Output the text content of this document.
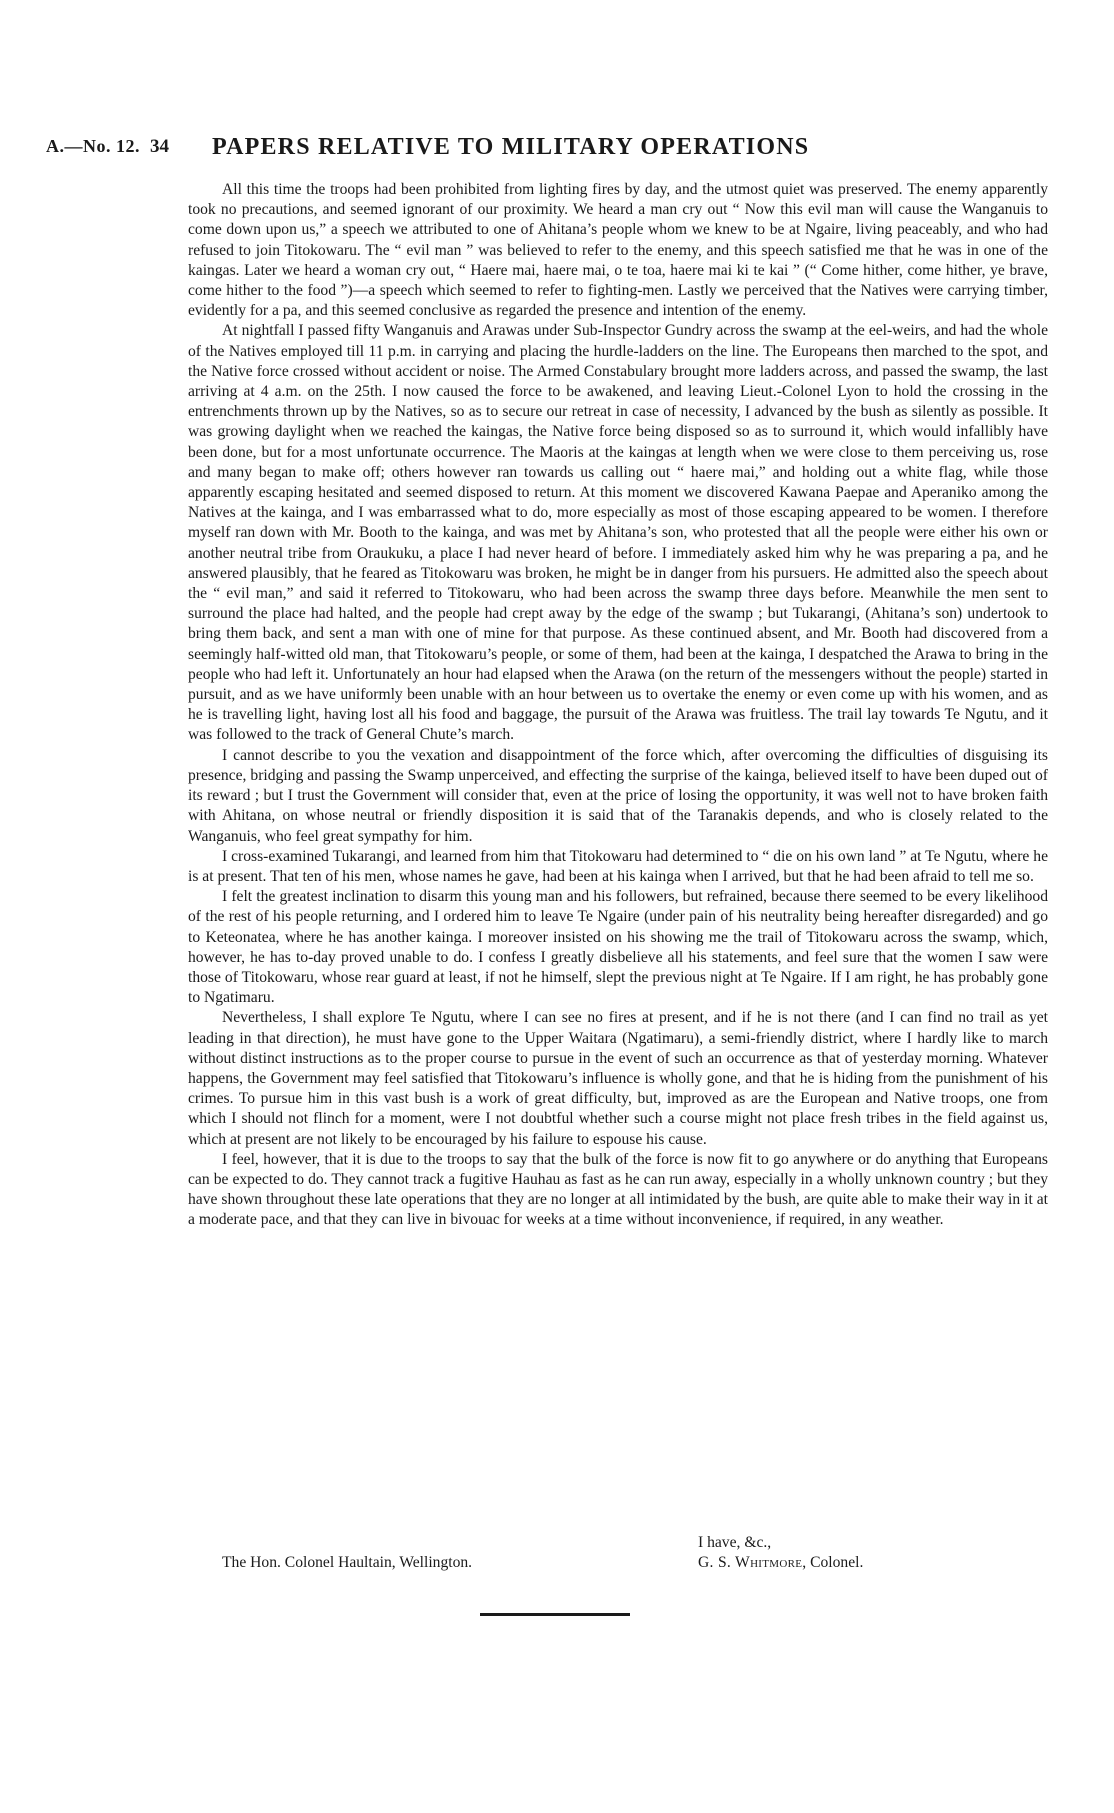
A.—No. 12. 34 PAPERS RELATIVE TO MILITARY OPERATIONS

All this time the troops had been prohibited from lighting fires by day, and the utmost quiet was preserved. The enemy apparently took no precautions, and seemed ignorant of our proximity. We heard a man cry out “ Now this evil man will cause the Wanganuis to come down upon us,” a speech we attributed to one of Ahitana’s people whom we knew to be at Ngaire, living peaceably, and who had refused to join Titokowaru. The “ evil man ” was believed to refer to the enemy, and this speech satisfied me that he was in one of the kaingas. Later we heard a woman cry out, “ Haere mai, haere mai, o te toa, haere mai ki te kai ” (“ Come hither, come hither, ye brave, come hither to the food ”)—a speech which seemed to refer to fighting-men. Lastly we perceived that the Natives were carrying timber, evidently for a pa, and this seemed conclusive as regarded the presence and intention of the enemy.

At nightfall I passed fifty Wanganuis and Arawas under Sub-Inspector Gundry across the swamp at the eel-weirs, and had the whole of the Natives employed till 11 p.m. in carrying and placing the hurdle-ladders on the line. The Europeans then marched to the spot, and the Native force crossed without accident or noise. The Armed Constabulary brought more ladders across, and passed the swamp, the last arriving at 4 a.m. on the 25th. I now caused the force to be awakened, and leaving Lieut.-Colonel Lyon to hold the crossing in the entrenchments thrown up by the Natives, so as to secure our retreat in case of necessity, I advanced by the bush as silently as possible. It was growing daylight when we reached the kaingas, the Native force being disposed so as to surround it, which would infallibly have been done, but for a most unfortunate occurrence. The Maoris at the kaingas at length when we were close to them perceiving us, rose and many began to make off; others however ran towards us calling out “ haere mai,” and holding out a white flag, while those apparently escaping hesitated and seemed disposed to return. At this moment we discovered Kawana Paepae and Aperaniko among the Natives at the kainga, and I was embarrassed what to do, more especially as most of those escaping appeared to be women. I therefore myself ran down with Mr. Booth to the kainga, and was met by Ahitana’s son, who protested that all the people were either his own or another neutral tribe from Oraukuku, a place I had never heard of before. I immediately asked him why he was preparing a pa, and he answered plausibly, that he feared as Titokowaru was broken, he might be in danger from his pursuers. He admitted also the speech about the “ evil man,” and said it referred to Titokowaru, who had been across the swamp three days before. Meanwhile the men sent to surround the place had halted, and the people had crept away by the edge of the swamp ; but Tukarangi, (Ahitana’s son) undertook to bring them back, and sent a man with one of mine for that purpose. As these continued absent, and Mr. Booth had discovered from a seemingly half-witted old man, that Titokowaru’s people, or some of them, had been at the kainga, I despatched the Arawa to bring in the people who had left it. Unfortunately an hour had elapsed when the Arawa (on the return of the messengers without the people) started in pursuit, and as we have uniformly been unable with an hour between us to overtake the enemy or even come up with his women, and as he is travelling light, having lost all his food and baggage, the pursuit of the Arawa was fruitless. The trail lay towards Te Ngutu, and it was followed to the track of General Chute’s march.

I cannot describe to you the vexation and disappointment of the force which, after overcoming the difficulties of disguising its presence, bridging and passing the Swamp unperceived, and effecting the surprise of the kainga, believed itself to have been duped out of its reward ; but I trust the Government will consider that, even at the price of losing the opportunity, it was well not to have broken faith with Ahitana, on whose neutral or friendly disposition it is said that of the Taranakis depends, and who is closely related to the Wanganuis, who feel great sympathy for him.

I cross-examined Tukarangi, and learned from him that Titokowaru had determined to “ die on his own land ” at Te Ngutu, where he is at present. That ten of his men, whose names he gave, had been at his kainga when I arrived, but that he had been afraid to tell me so.

I felt the greatest inclination to disarm this young man and his followers, but refrained, because there seemed to be every likelihood of the rest of his people returning, and I ordered him to leave Te Ngaire (under pain of his neutrality being hereafter disregarded) and go to Keteonatea, where he has another kainga. I moreover insisted on his showing me the trail of Titokowaru across the swamp, which, however, he has to-day proved unable to do. I confess I greatly disbelieve all his statements, and feel sure that the women I saw were those of Titokowaru, whose rear guard at least, if not he himself, slept the previous night at Te Ngaire. If I am right, he has probably gone to Ngatimaru.

Nevertheless, I shall explore Te Ngutu, where I can see no fires at present, and if he is not there (and I can find no trail as yet leading in that direction), he must have gone to the Upper Waitara (Ngatimaru), a semi-friendly district, where I hardly like to march without distinct instructions as to the proper course to pursue in the event of such an occurrence as that of yesterday morning. Whatever happens, the Government may feel satisfied that Titokowaru’s influence is wholly gone, and that he is hiding from the punishment of his crimes. To pursue him in this vast bush is a work of great difficulty, but, improved as are the European and Native troops, one from which I should not flinch for a moment, were I not doubtful whether such a course might not place fresh tribes in the field against us, which at present are not likely to be encouraged by his failure to espouse his cause.

I feel, however, that it is due to the troops to say that the bulk of the force is now fit to go anywhere or do anything that Europeans can be expected to do. They cannot track a fugitive Hauhau as fast as he can run away, especially in a wholly unknown country ; but they have shown throughout these late operations that they are no longer at all intimidated by the bush, are quite able to make their way in it at a moderate pace, and that they can live in bivouac for weeks at a time without inconvenience, if required, in any weather.

I have, &c.,
The Hon. Colonel Haultain, Wellington.	G. S. Whitmore, Colonel.
